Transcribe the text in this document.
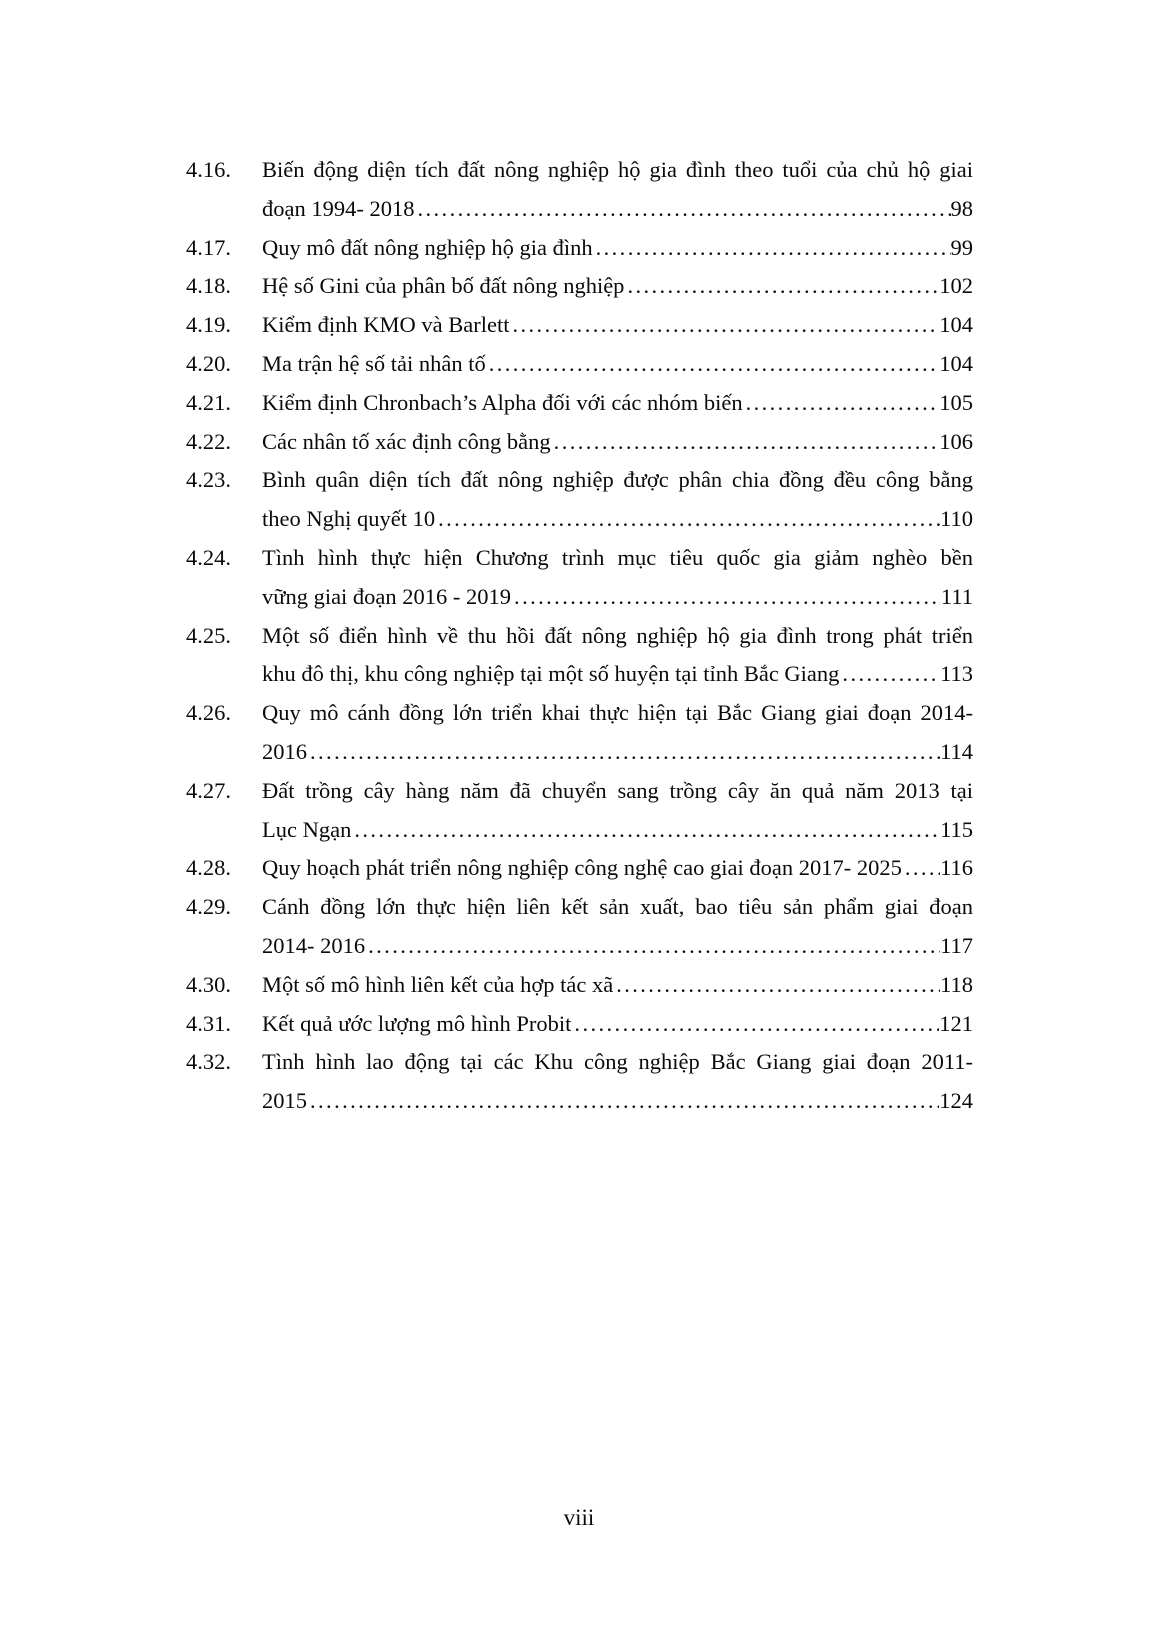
4.16.	Biến động diện tích đất nông nghiệp hộ gia đình theo tuổi của chủ hộ giai
đoạn 1994- 2018 .....	98
4.17.	Quy mô đất nông nghiệp hộ gia đình .....	99
4.18.	Hệ số Gini của phân bố đất nông nghiệp .....	102
4.19.	Kiểm định KMO và Barlett .....	104
4.20.	Ma trận hệ số tải nhân tố .....	104
4.21.	Kiểm định Chronbach’s Alpha đối với các nhóm biến .....	105
4.22.	Các nhân tố xác định công bằng .....	106
4.23.	Bình quân diện tích đất nông nghiệp được phân chia đồng đều công bằng
theo Nghị quyết 10 .....	110
4.24.	Tình hình thực hiện Chương trình mục tiêu quốc gia giảm nghèo bền
vững giai đoạn 2016 - 2019 .....	111
4.25.	Một số điển hình về thu hồi đất nông nghiệp hộ gia đình trong phát triển
khu đô thị, khu công nghiệp tại một số huyện tại tỉnh Bắc Giang .....	113
4.26.	Quy mô cánh đồng lớn triển khai thực hiện tại Bắc Giang giai đoạn 2014-
2016 .....	114
4.27.	Đất trồng cây hàng năm đã chuyển sang trồng cây ăn quả năm 2013 tại
Lục Ngạn .....	115
4.28.	Quy hoạch phát triển nông nghiệp công nghệ cao giai đoạn 2017- 2025 ..... 116
4.29.	Cánh đồng lớn thực hiện liên kết sản xuất, bao tiêu sản phẩm giai đoạn
2014- 2016 .....	117
4.30.	Một số mô hình liên kết của hợp tác xã .....	118
4.31.	Kết quả ước lượng mô hình Probit .....	121
4.32.	Tình hình lao động tại các Khu công nghiệp Bắc Giang giai đoạn 2011-
2015 .....	124
viii
